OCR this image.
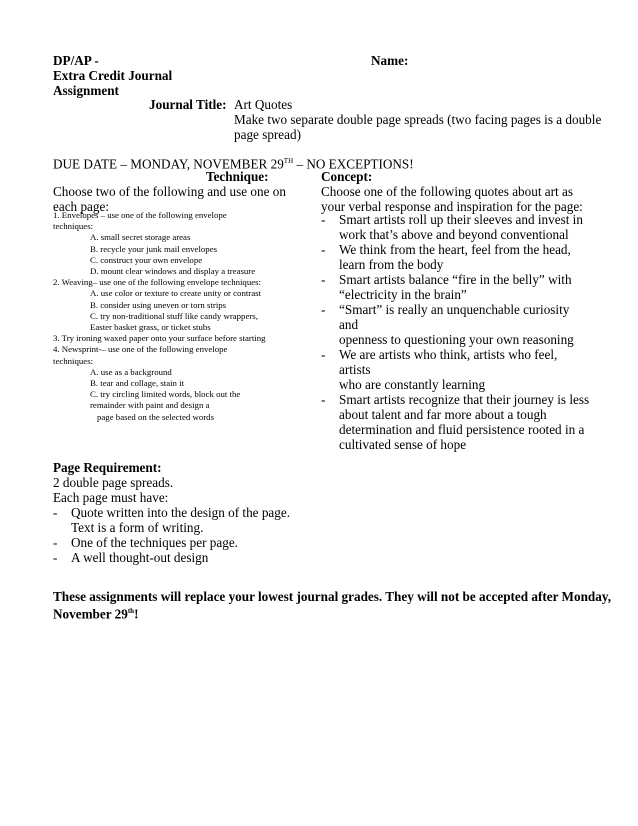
DP/AP -	Name:
Extra Credit Journal
Assignment
Journal Title: Art Quotes
Make two separate double page spreads (two facing pages is a double
page spread)
DUE DATE – MONDAY, NOVEMBER 29TH – NO EXCEPTIONS!
Technique:
Choose two of the following and use one on
each page:
1. Envelopes – use one of the following envelope
techniques:
A. small secret storage areas
B. recycle your junk mail envelopes
C. construct your own envelope
D. mount clear windows and display a treasure
2. Weaving– use one of the following envelope techniques:
A. use color or texture to create unity or contrast
B. consider using uneven or torn strips
C. try non-traditional stuff like candy wrappers,
Easter basket grass, or ticket stubs
3. Try ironing waxed paper onto your surface before starting
4. Newsprint-– use one of the following envelope
techniques:
A. use as a background
B. tear and collage, stain it
C. try circling limited words, block out the
remainder with paint and design a
page based on the selected words
Concept:
Choose one of the following quotes about art as
your verbal response and inspiration for the page:
-	Smart artists roll up their sleeves and invest in
work that’s above and beyond conventional
-	We think from the heart, feel from the head,
learn from the body
-	Smart artists balance “fire in the belly” with
“electricity in the brain”
-	“Smart” is really an unquenchable curiosity and
openness to questioning your own reasoning
-	We are artists who think, artists who feel, artists
who are constantly learning
-	Smart artists recognize that their journey is less
about talent and far more about a tough
determination and fluid persistence rooted in a
cultivated sense of hope
Page Requirement:
2 double page spreads.
Each page must have:
-	Quote written into the design of the page.
Text is a form of writing.
-	One of the techniques per page.
-	A well thought-out design
These assignments will replace your lowest journal grades. They will not be accepted after Monday,
November 29th!
